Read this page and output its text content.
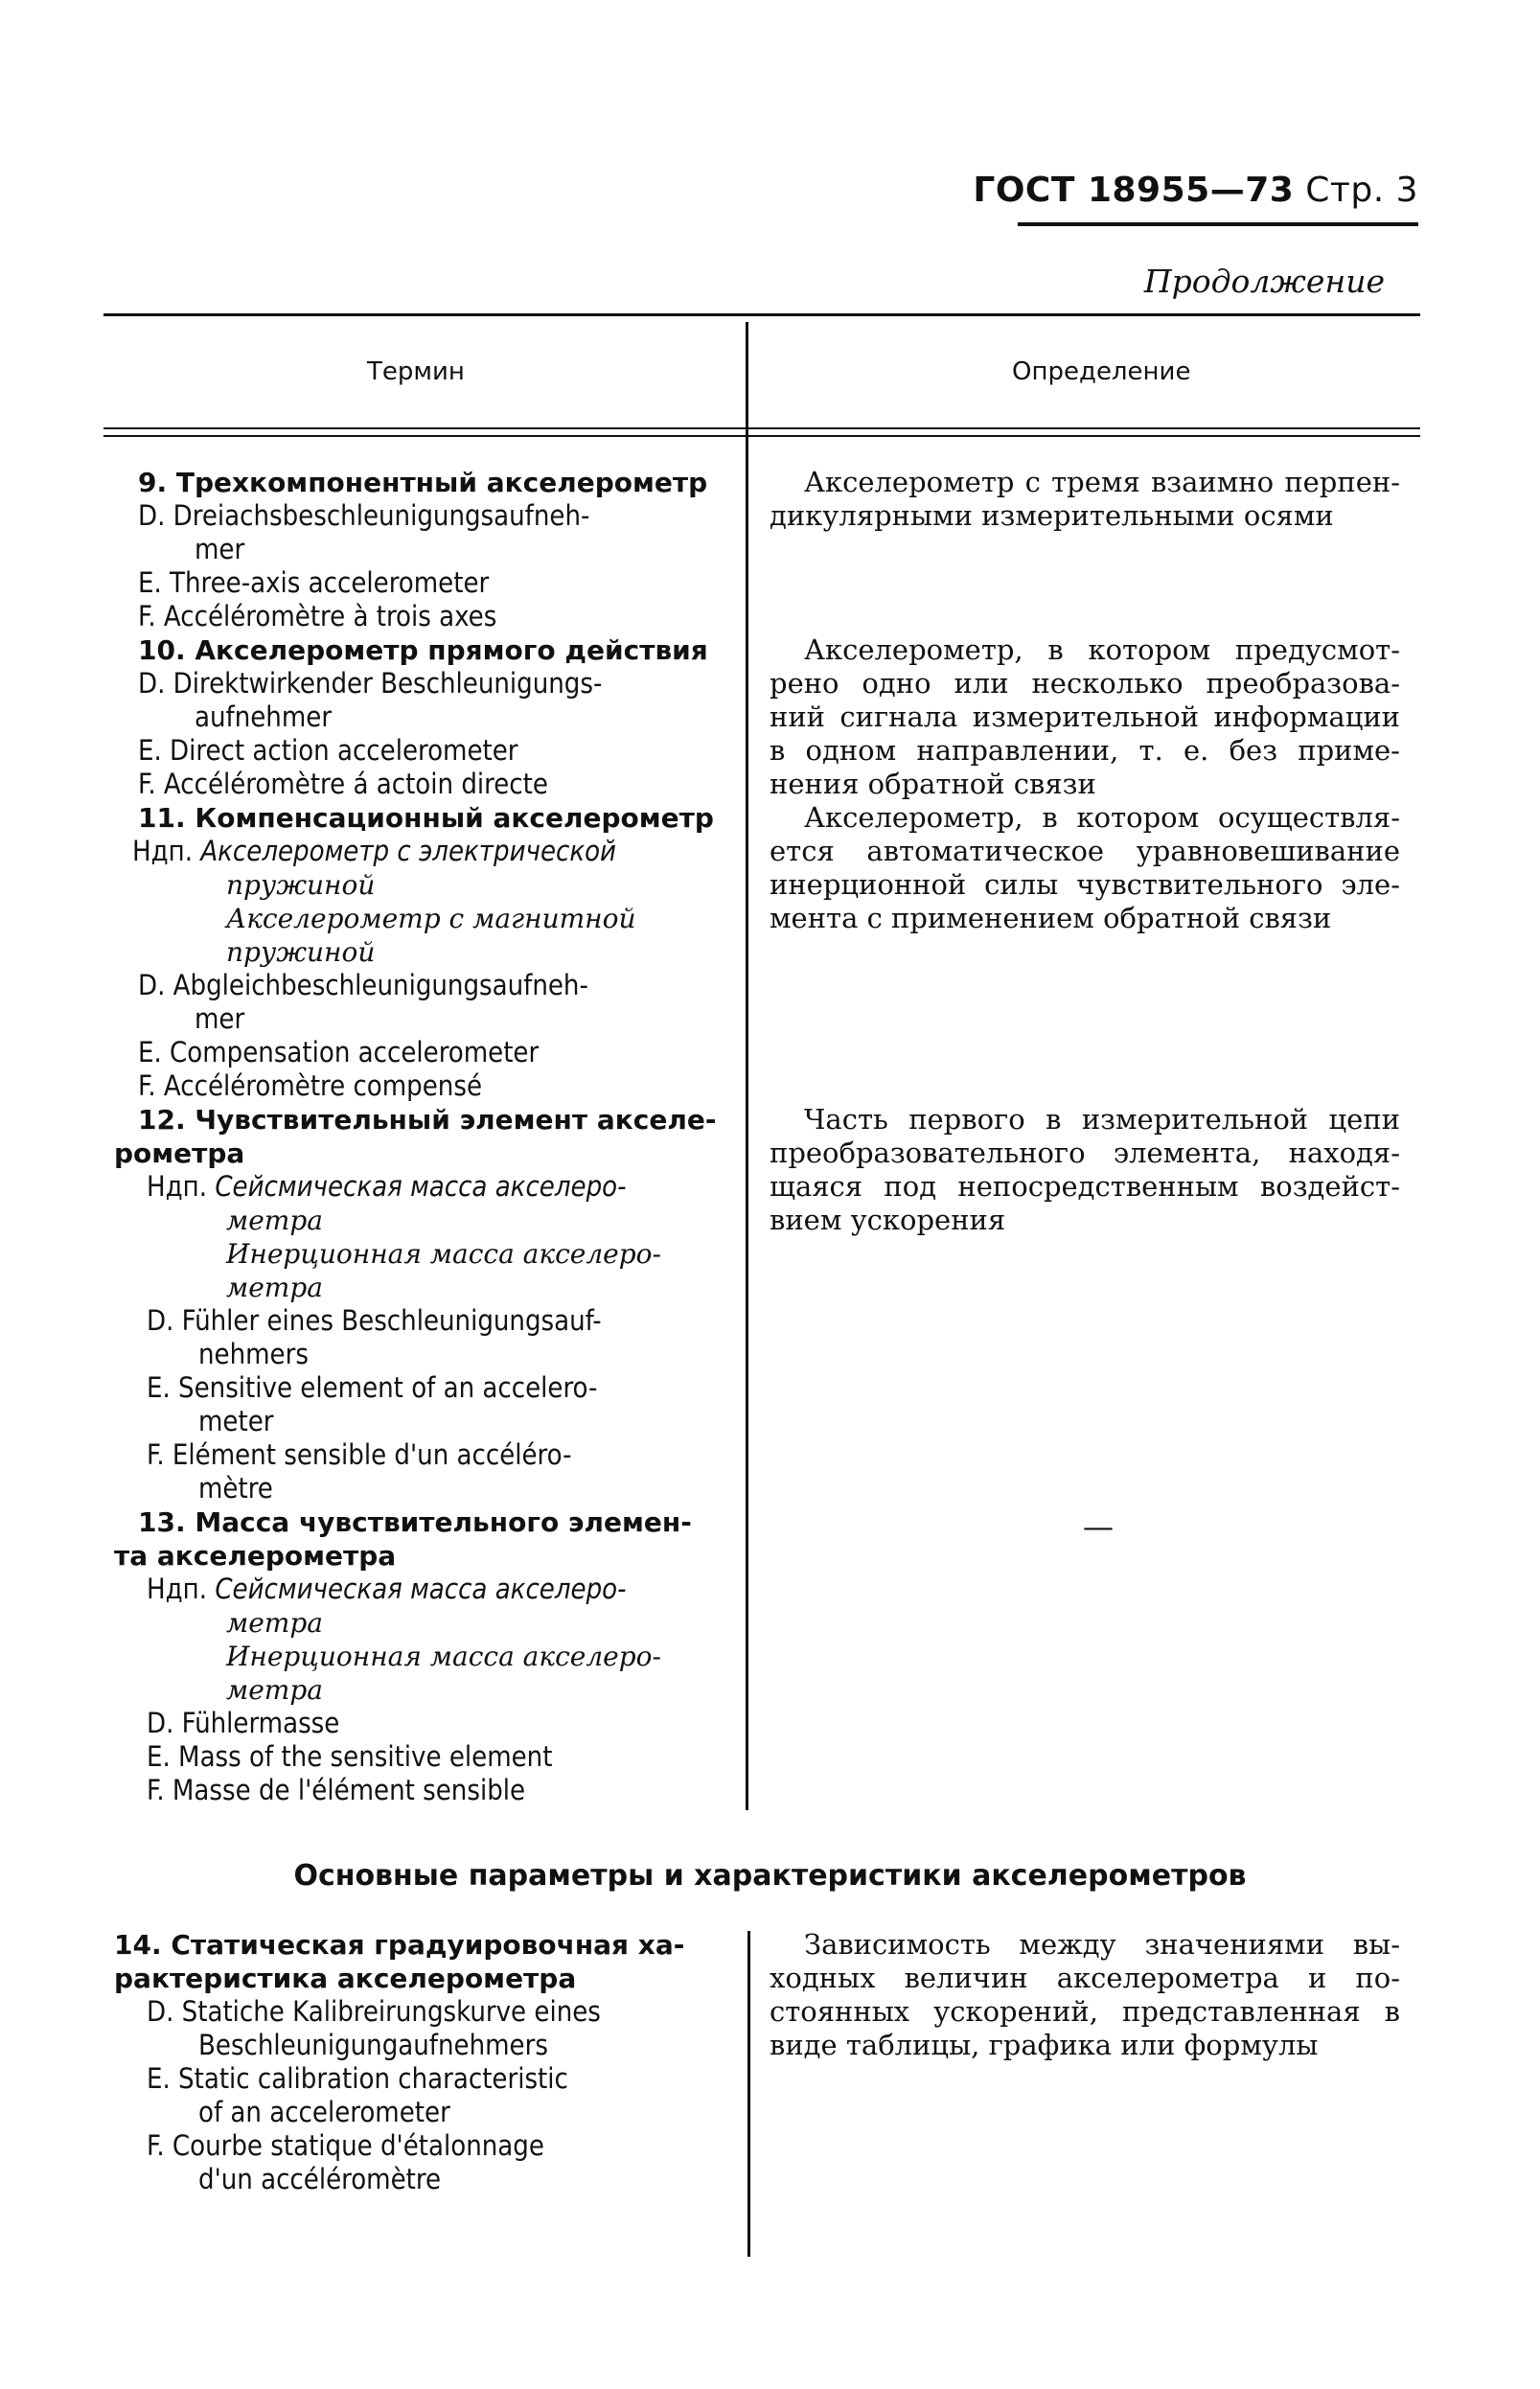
ГОСТ 18955—73 Стр. 3
Продолжение
Термин	Определение
9. Трехкомпонентный акселерометр
D. Dreiachsbeschleunigungsaufneh-
mer
E. Three-axis accelerometer
F. Accéléromètre à trois axes
10. Акселерометр прямого действия
D. Direktwirkender Beschleunigungs-
aufnehmer
E. Direct action accelerometer
F. Accéléromètre á actoin directe
11. Компенсационный акселерометр
Ндп. Акселерометр с электрической
пружиной
Акселерометр с магнитной
пружиной
D. Abgleichbeschleunigungsaufneh-
mer
E. Compensation accelerometer
F. Accéléromètre compensé
12. Чувствительный элемент акселе-
рометра
Ндп. Сейсмическая масса акселеро-
метра
Инерционная масса акселеро-
метра
D. Fühler eines Beschleunigungsauf-
nehmers
E. Sensitive element of an accelero-
meter
F. Elément sensible d'un accéléro-
mètre
13. Масса чувствительного элемен-
та акселерометра
Ндп. Сейсмическая масса акселеро-
метра
Инерционная масса акселеро-
метра
D. Fühlermasse
E. Mass of the sensitive element
F. Masse de l'élément sensible
Акселерометр с тремя взаимно перпен-
дикулярными измерительными осями
Акселерометр, в котором предусмот-
рено одно или несколько преобразова-
ний сигнала измерительной информации
в одном направлении, т. е. без приме-
нения обратной связи
Акселерометр, в котором осуществля-
ется автоматическое уравновешивание
инерционной силы чувствительного эле-
мента с применением обратной связи
Часть первого в измерительной цепи
преобразовательного элемента, находя-
щаяся под непосредственным воздейст-
вием ускорения
—
Основные параметры и характеристики акселерометров
14. Статическая градуировочная ха-
рактеристика акселерометра
D. Statiche Kalibreirungskurve eines
Beschleunigungaufnehmers
E. Static calibration characteristic
of an accelerometer
F. Courbe statique d'étalonnage
d'un accéléromètre
Зависимость между значениями вы-
ходных величин акселерометра и по-
стоянных ускорений, представленная в
виде таблицы, графика или формулы
